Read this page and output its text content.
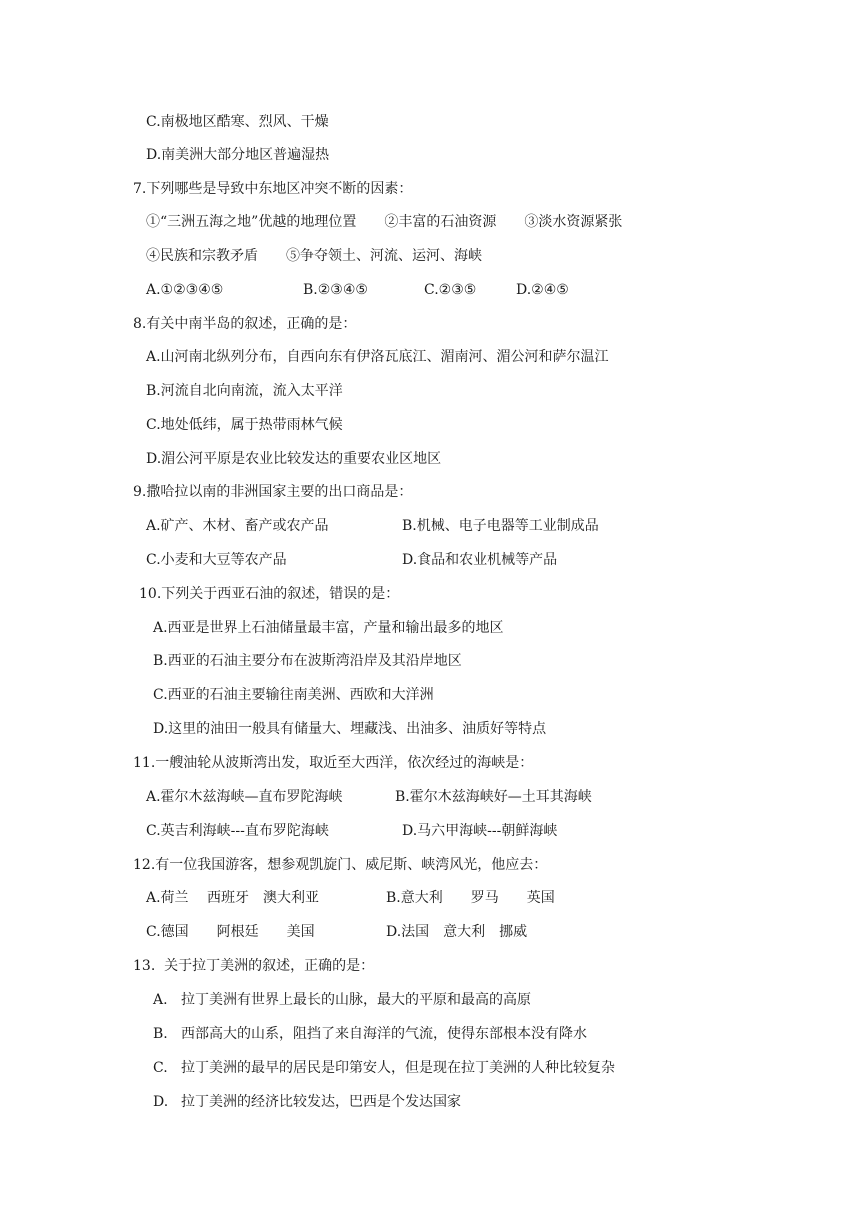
C.南极地区酷寒、烈风、干燥
D.南美洲大部分地区普遍湿热
7.下列哪些是导致中东地区冲突不断的因素：
①“三洲五海之地”优越的地理位置　　②丰富的石油资源　　③淡水资源紧张
④民族和宗教矛盾　　⑤争夺领土、河流、运河、海峡

A.①②③④⑤

	B.②③④⑤

	C.②③⑤

	D.②④⑤

8.有关中南半岛的叙述，正确的是：
A.山河南北纵列分布，自西向东有伊洛瓦底江、湄南河、湄公河和萨尔温江
B.河流自北向南流，流入太平洋
C.地处低纬，属于热带雨林气候
D.湄公河平原是农业比较发达的重要农业区地区
9.撒哈拉以南的非洲国家主要的出口商品是：

A.矿产、木材、畜产或农产品

	B.机械、电子电器等工业制成品

C.小麦和大豆等农产品

	D.食品和农业机械等产品

10.下列关于西亚石油的叙述，错误的是：
A.西亚是世界上石油储量最丰富，产量和输出最多的地区
B.西亚的石油主要分布在波斯湾沿岸及其沿岸地区
C.西亚的石油主要输往南美洲、西欧和大洋洲
D.这里的油田一般具有储量大、埋藏浅、出油多、油质好等特点
11.一艘油轮从波斯湾出发，取近至大西洋，依次经过的海峡是：

A.霍尔木兹海峡—直布罗陀海峡

	B.霍尔木兹海峡好—土耳其海峡

C.英吉利海峡---直布罗陀海峡

	D.马六甲海峡---朝鲜海峡

12.有一位我国游客，想参观凯旋门、威尼斯、峡湾风光，他应去：

A.荷兰　 西班牙　澳大利亚

	B.意大利　　罗马　　英国

C.德国　　阿根廷　　美国

	D.法国　意大利　挪威

13.  关于拉丁美洲的叙述，正确的是：

A.

拉丁美洲有世界上最长的山脉，最大的平原和最高的高原

B.

西部高大的山系，阻挡了来自海洋的气流，使得东部根本没有降水

C.

拉丁美洲的最早的居民是印第安人，但是现在拉丁美洲的人种比较复杂

D.

拉丁美洲的经济比较发达，巴西是个发达国家
